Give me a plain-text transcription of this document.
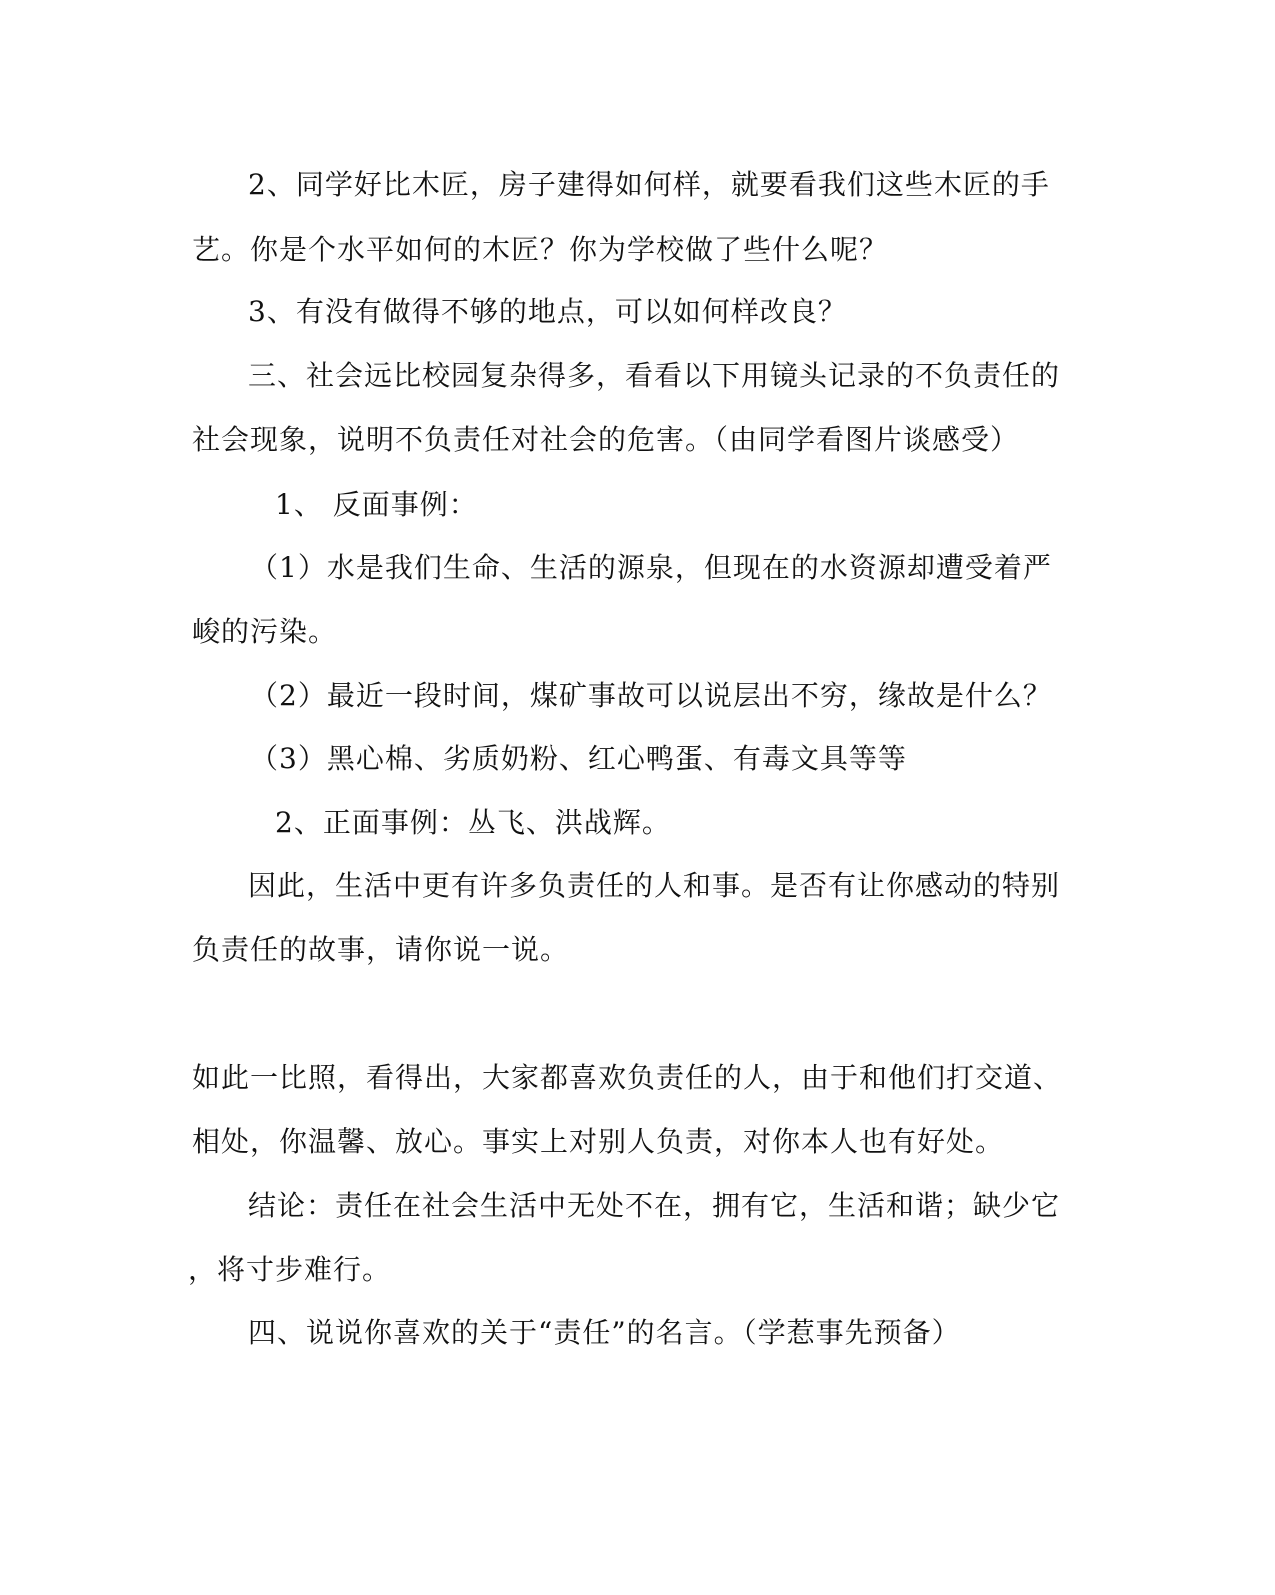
2、同学好比木匠，房子建得如何样，就要看我们这些木匠的手
艺。你是个水平如何的木匠？你为学校做了些什么呢？
3、有没有做得不够的地点，可以如何样改良？
三、社会远比校园复杂得多，看看以下用镜头记录的不负责任的
社会现象，说明不负责任对社会的危害。（由同学看图片谈感受）
1、 反面事例：
（1）水是我们生命、生活的源泉，但现在的水资源却遭受着严
峻的污染。
（2）最近一段时间，煤矿事故可以说层出不穷，缘故是什么？
（3）黑心棉、劣质奶粉、红心鸭蛋、有毒文具等等
2、正面事例：丛飞、洪战辉。
因此，生活中更有许多负责任的人和事。是否有让你感动的特别
负责任的故事，请你说一说。
如此一比照，看得出，大家都喜欢负责任的人，由于和他们打交道、
相处，你温馨、放心。事实上对别人负责，对你本人也有好处。
结论：责任在社会生活中无处不在，拥有它，生活和谐；缺少它
，将寸步难行。
四、说说你喜欢的关于“责任”的名言。（学惹事先预备）
